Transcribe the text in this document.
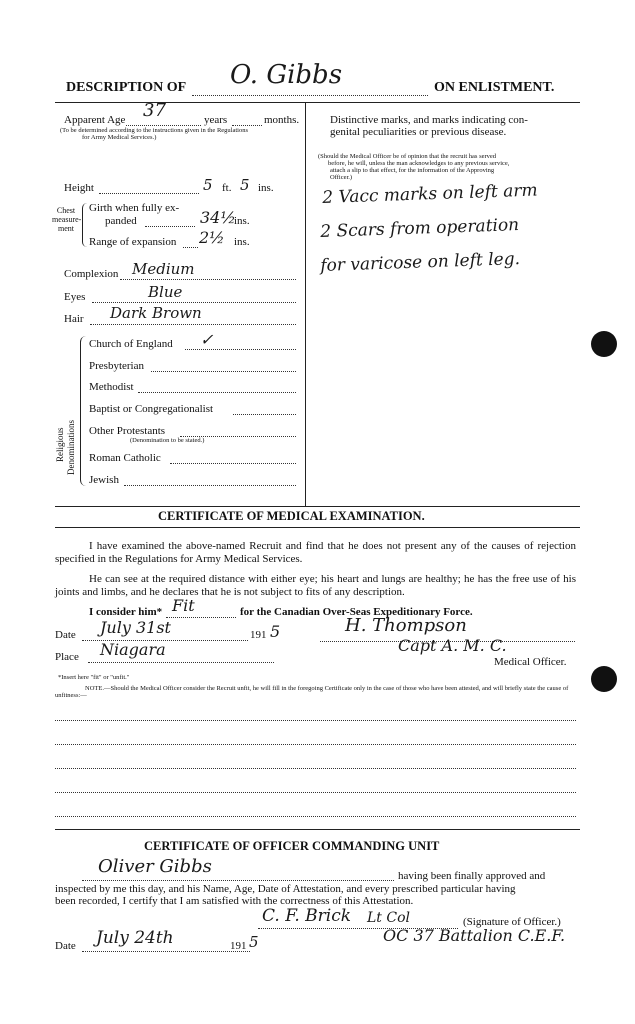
DESCRIPTION OF O. Gibbs	ON ENLISTMENT.
Apparent Age 37	years	months.
(To be determined according to the instructions given in the Regulations
for Army Medical Services.)
Height	5 ft. 5 ins.
Chest
measure-
ment
Girth when fully ex-
panded	34½
ins.
Range of expansion 2½ ins.
Complexion Medium
Eyes	Blue
Hair Dark Brown
Religious Denominations
Church of England ✓
Presbyterian
Methodist
Baptist or Congregationalist
Other Protestants
(Denomination to be stated.)
Roman Catholic
Jewish
Distinctive marks, and marks indicating con-
genital peculiarities or previous disease.
(Should the Medical Officer be of opinion that the recruit has served
before, he will, unless the man acknowledges to any previous service,
attach a slip to that effect, for the information of the Approving
Officer.)
2 Vacc marks on left arm
2 Scars from operation
for varicose on left leg.
CERTIFICATE OF MEDICAL EXAMINATION.
I have examined the above-named Recruit and find that he does not present any of the causes of rejection specified in the Regulations for Army Medical Services.
He can see at the required distance with either eye; his heart and lungs are healthy; he has the free use of his joints and limbs, and he declares that he is not subject to fits of any description.
I consider him* Fit	for the Canadian Over-Seas Expeditionary Force.
Date July 31st	191 5	H. Thompson
Place Niagara	Capt A. M. C.
Medical Officer.
*Insert here "fit" or "unfit."
NOTE.—Should the Medical Officer consider the Recruit unfit, he will fill in the foregoing Certificate only in the case of those who have been attested, and will briefly state the cause of unfitness:—
CERTIFICATE OF OFFICER COMMANDING UNIT
Oliver Gibbs	having been finally approved and
inspected by me this day, and his Name, Age, Date of Attestation, and every prescribed particular having
been recorded, I certify that I am satisfied with the correctness of this Attestation.
C. F. Brick Lt Col	(Signature of Officer.)
Date July 24th	191 5	OC 37 Battalion C.E.F.
